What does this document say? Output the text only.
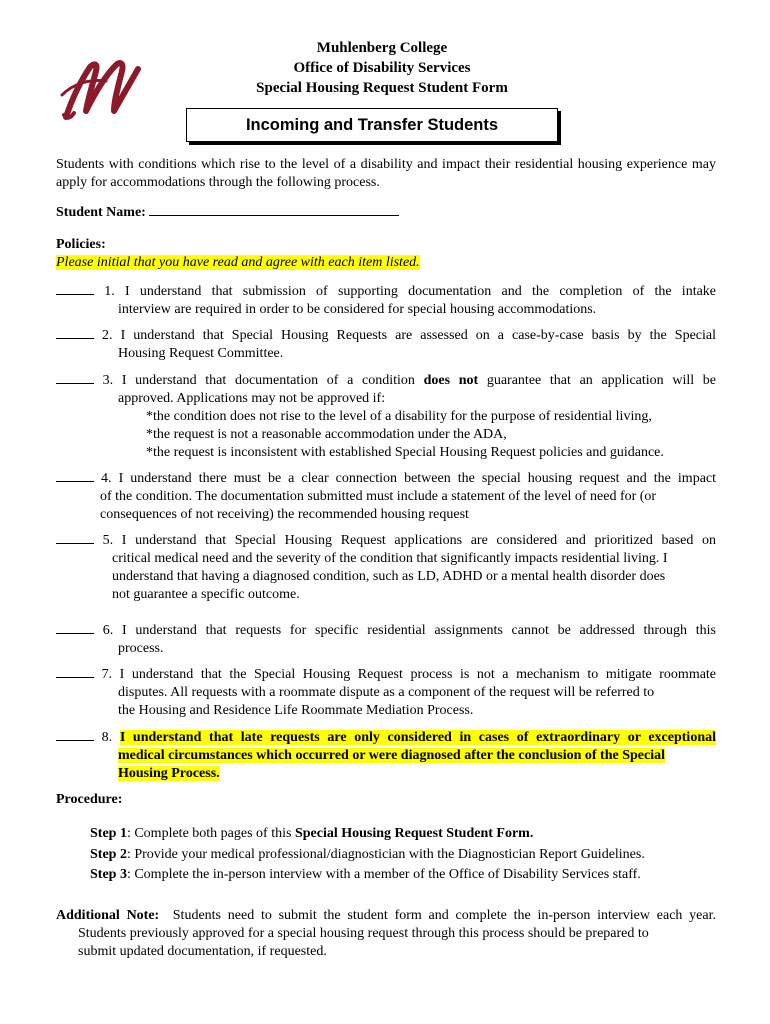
Muhlenberg College
Office of Disability Services
Special Housing Request Student Form
Incoming and Transfer Students
Students with conditions which rise to the level of a disability and impact their residential housing experience may apply for accommodations through the following process.
Student Name:
Policies:
Please initial that you have read and agree with each item listed.
1. I understand that submission of supporting documentation and the completion of the intake
interview are required in order to be considered for special housing accommodations.
2. I understand that Special Housing Requests are assessed on a case-by-case basis by the Special
Housing Request Committee.
3. I understand that documentation of a condition does not guarantee that an application will be
approved. Applications may not be approved if:
*the condition does not rise to the level of a disability for the purpose of residential living,
*the request is not a reasonable accommodation under the ADA,
*the request is inconsistent with established Special Housing Request policies and guidance.
4. I understand there must be a clear connection between the special housing request and the impact
of the condition. The documentation submitted must include a statement of the level of need for (or
consequences of not receiving) the recommended housing request
5. I understand that Special Housing Request applications are considered and prioritized based on
critical medical need and the severity of the condition that significantly impacts residential living. I
understand that having a diagnosed condition, such as LD, ADHD or a mental health disorder does
not guarantee a specific outcome.
6. I understand that requests for specific residential assignments cannot be addressed through this
process.
7. I understand that the Special Housing Request process is not a mechanism to mitigate roommate
disputes. All requests with a roommate dispute as a component of the request will be referred to
the Housing and Residence Life Roommate Mediation Process.
8. I understand that late requests are only considered in cases of extraordinary or exceptional
medical circumstances which occurred or were diagnosed after the conclusion of the Special
Housing Process.
Procedure:
Step 1: Complete both pages of this Special Housing Request Student Form.
Step 2: Provide your medical professional/diagnostician with the Diagnostician Report Guidelines.
Step 3: Complete the in-person interview with a member of the Office of Disability Services staff.
Additional Note: Students need to submit the student form and complete the in-person interview each year.
Students previously approved for a special housing request through this process should be prepared to
submit updated documentation, if requested.
